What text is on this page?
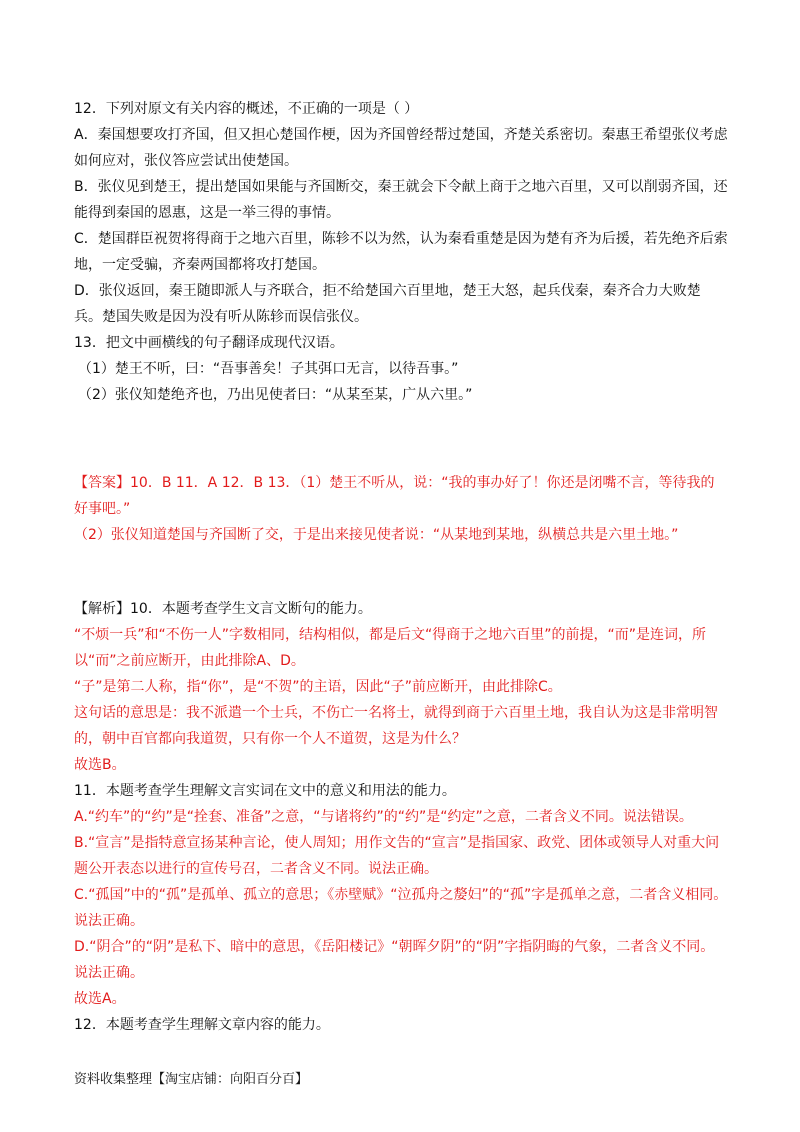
12．下列对原文有关内容的概述，不正确的一项是（ ）

A．秦国想要攻打齐国，但又担心楚国作梗，因为齐国曾经帮过楚国，齐楚关系密切。秦惠王希望张仪考虑如何应对，张仪答应尝试出使楚国。

B．张仪见到楚王，提出楚国如果能与齐国断交，秦王就会下令献上商于之地六百里，又可以削弱齐国，还能得到秦国的恩惠，这是一举三得的事情。

C．楚国群臣祝贺将得商于之地六百里，陈轸不以为然，认为秦看重楚是因为楚有齐为后援，若先绝齐后索地，一定受骗，齐秦两国都将攻打楚国。

D．张仪返回，秦王随即派人与齐联合，拒不给楚国六百里地，楚王大怒，起兵伐秦，秦齐合力大败楚兵。楚国失败是因为没有听从陈轸而误信张仪。

13．把文中画横线的句子翻译成现代汉语。

（1）楚王不听，曰：“吾事善矣！子其弭口无言，以待吾事。”

（2）张仪知楚绝齐也，乃出见使者曰：“从某至某，广从六里。”

【答案】10．B 11．A 12．B 13．（1）楚王不听从，说：“我的事办好了！你还是闭嘴不言，等待我的好事吧。”

（2）张仪知道楚国与齐国断了交，于是出来接见使者说：“从某地到某地，纵横总共是六里土地。”

【解析】10．本题考查学生文言文断句的能力。

“不烦一兵”和“不伤一人”字数相同，结构相似，都是后文“得商于之地六百里”的前提，“而”是连词，所以“而”之前应断开，由此排除A、D。

“子”是第二人称，指“你”，是“不贺”的主语，因此“子”前应断开，由此排除C。

这句话的意思是：我不派遣一个士兵，不伤亡一名将士，就得到商于六百里土地，我自认为这是非常明智的，朝中百官都向我道贺，只有你一个人不道贺，这是为什么？

故选B。

11．本题考查学生理解文言实词在文中的意义和用法的能力。

A.“约车”的“约”是“拴套、准备”之意，“与诸将约”的“约”是“约定”之意，二者含义不同。说法错误。

B.“宣言”是指特意宣扬某种言论，使人周知；用作文告的“宣言”是指国家、政党、团体或领导人对重大问题公开表态以进行的宣传号召，二者含义不同。说法正确。

C.“孤国”中的“孤”是孤单、孤立的意思；《赤壁赋》“泣孤舟之嫠妇”的“孤”字是孤单之意，二者含义相同。说法正确。

D.“阴合”的“阴”是私下、暗中的意思，《岳阳楼记》“朝晖夕阴”的“阴”字指阴晦的气象，二者含义不同。说法正确。

故选A。

12．本题考查学生理解文章内容的能力。

资料收集整理【淘宝店铺：向阳百分百】
